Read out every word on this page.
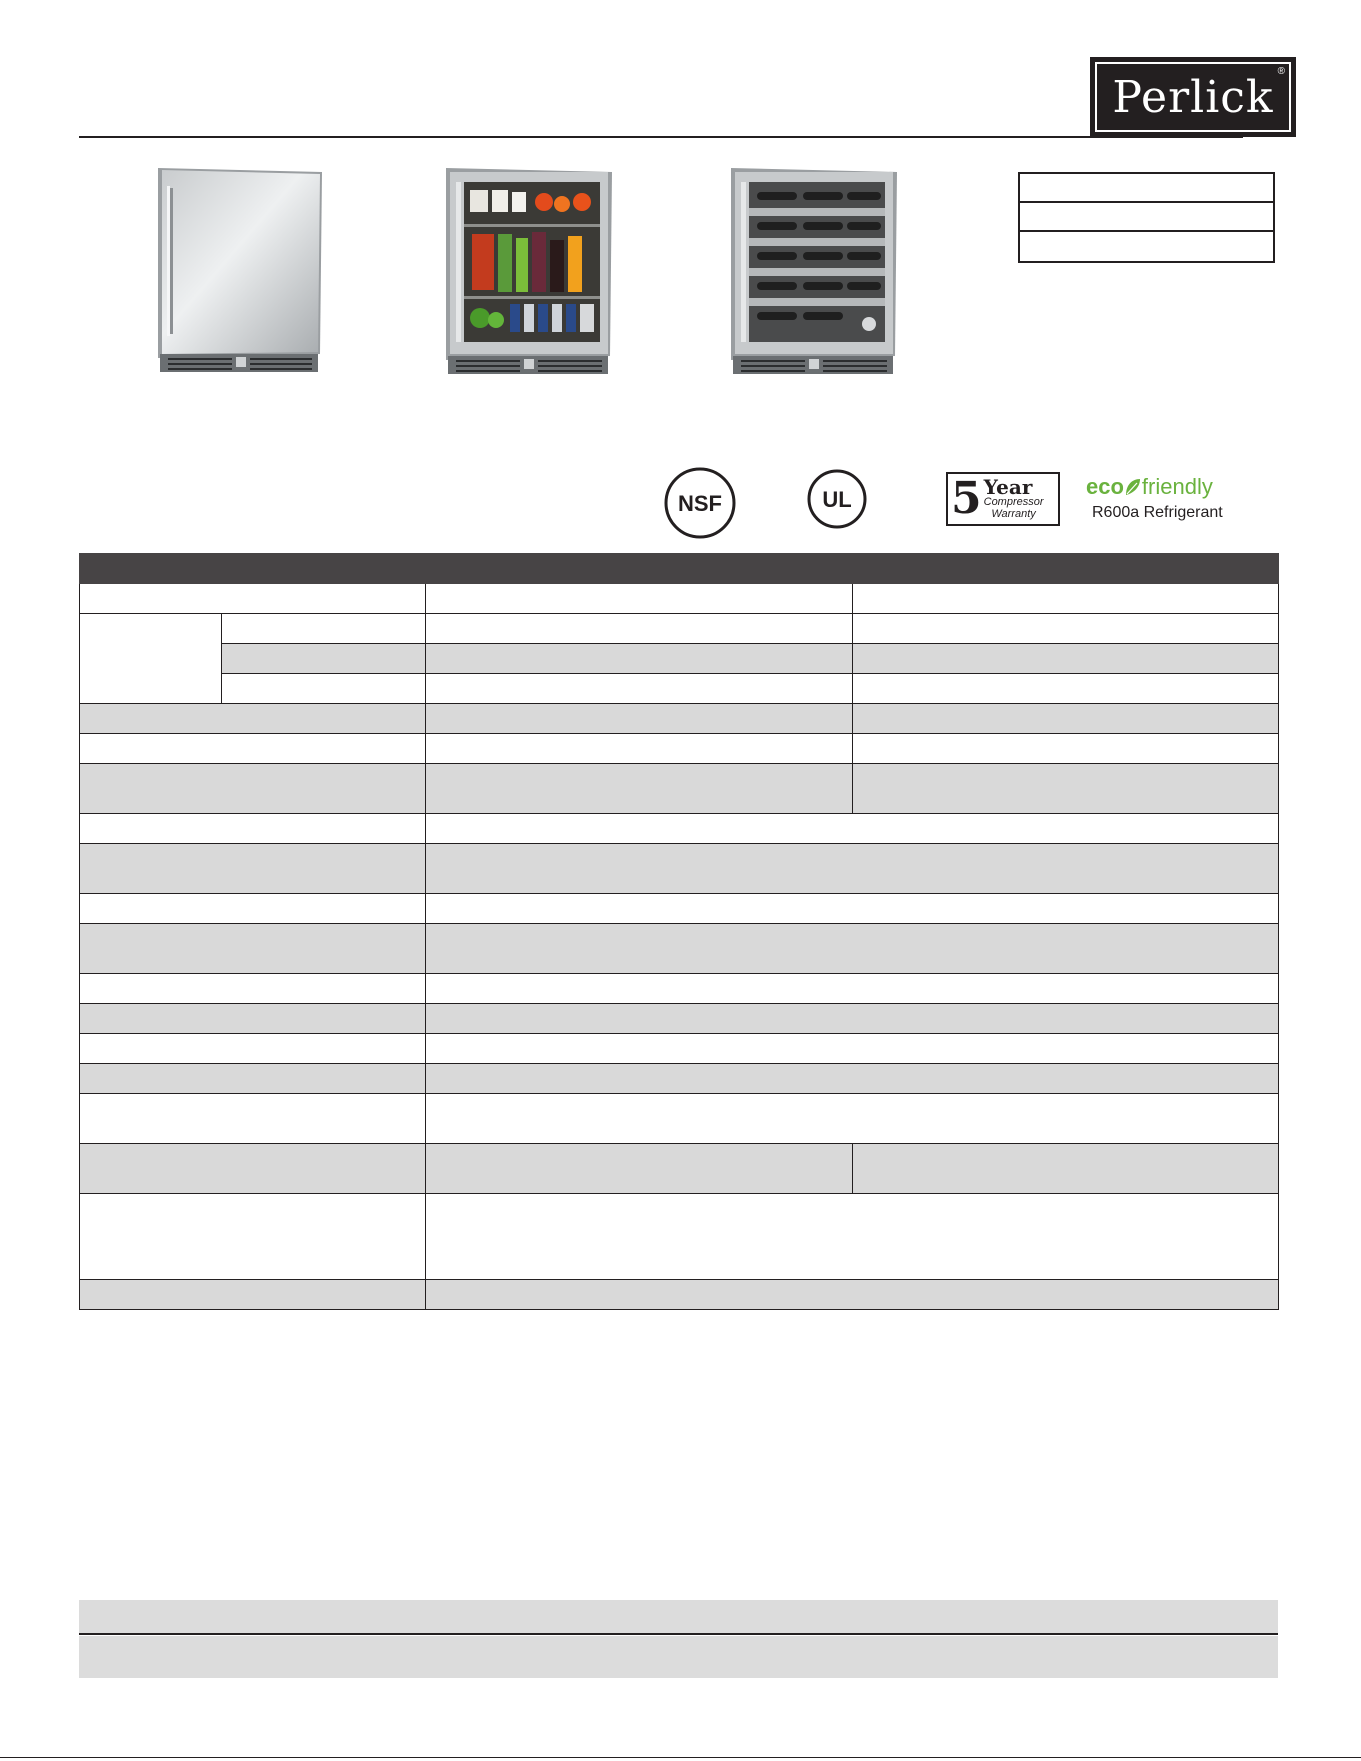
Perlick ®
NSF	UL 5 Year
Compressor
Warranty
eco friendly
R600a Refrigerant
